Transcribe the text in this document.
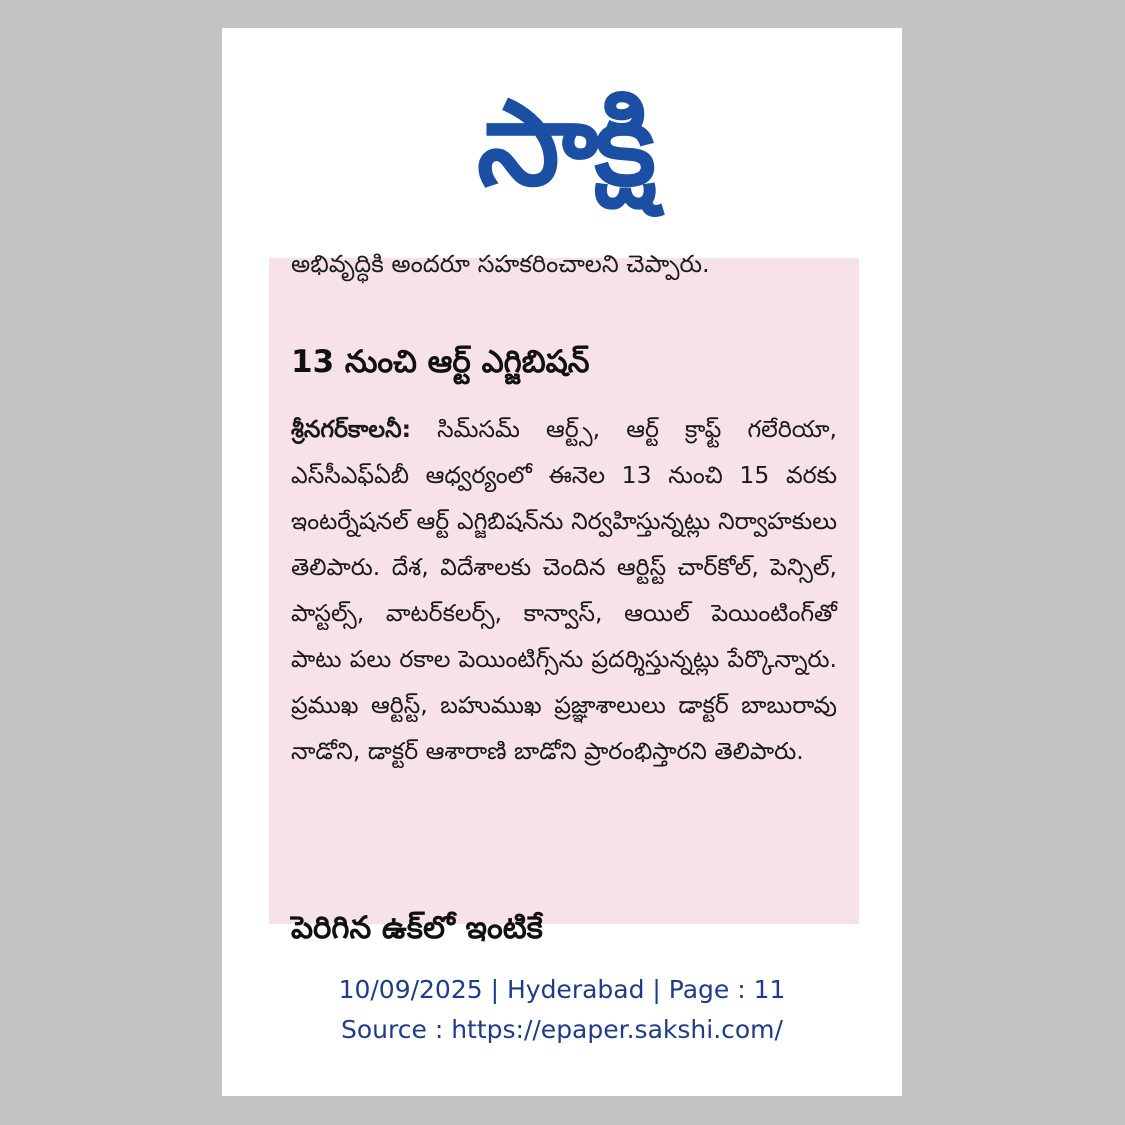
సాక్షి
అభివృద్ధికి అందరూ సహకరించాలని చెప్పారు.
13 నుంచి ఆర్ట్ ఎగ్జిబిషన్

శ్రీనగర్‌కాలనీ: సిమ్‌సమ్ ఆర్ట్స్, ఆర్ట్ క్రాఫ్ట్ గలేరియా, ఎస్‌సీఎఫ్‌ఏబీ ఆధ్వర్యంలో ఈనెల 13 నుంచి 15 వరకు ఇంటర్నేషనల్ ఆర్ట్ ఎగ్జిబిషన్‌ను నిర్వహిస్తున్నట్లు నిర్వాహకులు తెలిపారు. దేశ, విదేశాలకు చెందిన ఆర్టిస్ట్ చార్‌కోల్, పెన్సిల్, పాస్టల్స్, వాటర్‌కలర్స్, కాన్వాస్, ఆయిల్ పెయింటింగ్‌తో పాటు పలు రకాల పెయింటిగ్స్‌ను ప్రదర్శిస్తున్నట్లు పేర్కొన్నారు. ప్రముఖ ఆర్టిస్ట్, బహుముఖ ప్రజ్ఞాశాలులు డాక్టర్ బాబురావు నాడోని, డాక్టర్ ఆశారాణి బాడోని ప్రారంభిస్తారని తెలిపారు.

పెరిగిన ఉక్‌లో ఇంటికే
10/09/2025 | Hyderabad | Page : 11
Source : https://epaper.sakshi.com/
